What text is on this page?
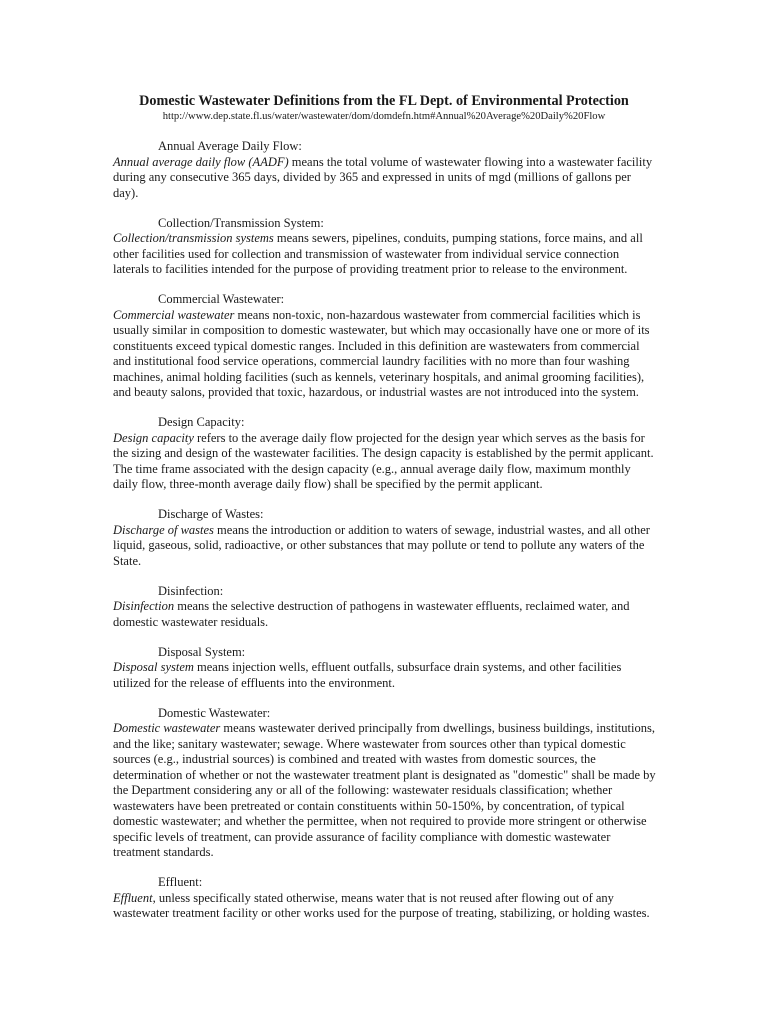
Domestic Wastewater Definitions from the FL Dept. of Environmental Protection

http://www.dep.state.fl.us/water/wastewater/dom/domdefn.htm#Annual%20Average%20Daily%20Flow

Annual Average Daily Flow:

Annual average daily flow (AADF) means the total volume of wastewater flowing into a wastewater facility during any consecutive 365 days, divided by 365 and expressed in units of mgd (millions of gallons per day).

Collection/Transmission System:

Collection/transmission systems means sewers, pipelines, conduits, pumping stations, force mains, and all other facilities used for collection and transmission of wastewater from individual service connection laterals to facilities intended for the purpose of providing treatment prior to release to the environment.

Commercial Wastewater:

Commercial wastewater means non-toxic, non-hazardous wastewater from commercial facilities which is usually similar in composition to domestic wastewater, but which may occasionally have one or more of its constituents exceed typical domestic ranges. Included in this definition are wastewaters from commercial and institutional food service operations, commercial laundry facilities with no more than four washing machines, animal holding facilities (such as kennels, veterinary hospitals, and animal grooming facilities), and beauty salons, provided that toxic, hazardous, or industrial wastes are not introduced into the system.

Design Capacity:

Design capacity refers to the average daily flow projected for the design year which serves as the basis for the sizing and design of the wastewater facilities. The design capacity is established by the permit applicant. The time frame associated with the design capacity (e.g., annual average daily flow, maximum monthly daily flow, three-month average daily flow) shall be specified by the permit applicant.

Discharge of Wastes:

Discharge of wastes means the introduction or addition to waters of sewage, industrial wastes, and all other liquid, gaseous, solid, radioactive, or other substances that may pollute or tend to pollute any waters of the State.

Disinfection:

Disinfection means the selective destruction of pathogens in wastewater effluents, reclaimed water, and domestic wastewater residuals.

Disposal System:

Disposal system means injection wells, effluent outfalls, subsurface drain systems, and other facilities utilized for the release of effluents into the environment.

Domestic Wastewater:

Domestic wastewater means wastewater derived principally from dwellings, business buildings, institutions, and the like; sanitary wastewater; sewage. Where wastewater from sources other than typical domestic sources (e.g., industrial sources) is combined and treated with wastes from domestic sources, the determination of whether or not the wastewater treatment plant is designated as "domestic" shall be made by the Department considering any or all of the following: wastewater residuals classification; whether wastewaters have been pretreated or contain constituents within 50-150%, by concentration, of typical domestic wastewater; and whether the permittee, when not required to provide more stringent or otherwise specific levels of treatment, can provide assurance of facility compliance with domestic wastewater treatment standards.

Effluent:

Effluent, unless specifically stated otherwise, means water that is not reused after flowing out of any wastewater treatment facility or other works used for the purpose of treating, stabilizing, or holding wastes.
